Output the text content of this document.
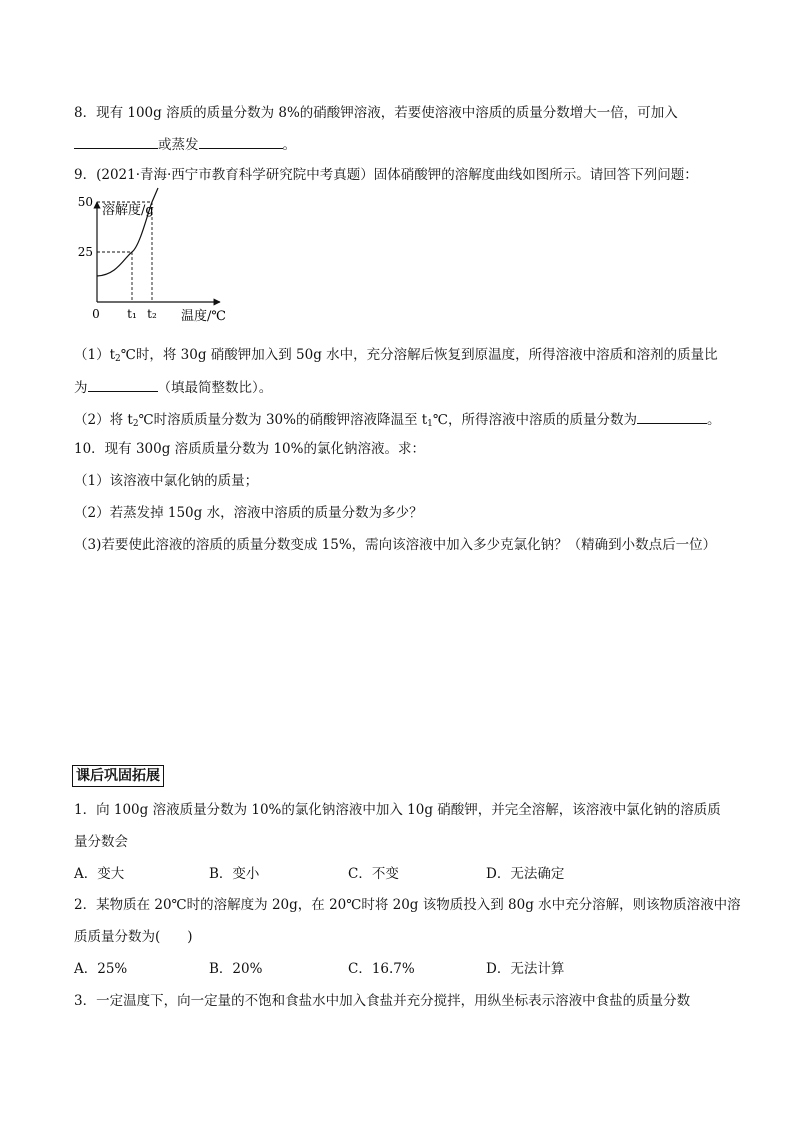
8．现有 100g 溶质的质量分数为 8%的硝酸钾溶液，若要使溶液中溶质的质量分数增大一倍，可加入
或蒸发	。
9．(2021·青海·西宁市教育科学研究院中考真题）固体硝酸钾的溶解度曲线如图所示。请回答下列问题：
25
50
t₁ t₂
溶解度/g
温度/℃
0
$(1)t_2℃$时，将 30g 硝酸钾加入到 50g 水中，充分溶解后恢复到原温度，所得溶液中溶质和溶剂的质量比
为	（填最简整数比）。
（2）将 $t_2℃$时溶质质量分数为 30%的硝酸钾溶液降温至 $t_1℃$，所得溶液中溶质的质量分数为	。
10．现有 300g 溶质质量分数为 10%的氯化钠溶液。求：
（1）该溶液中氯化钠的质量；
（2）若蒸发掉 150g 水，溶液中溶质的质量分数为多少？
（3)若要使此溶液的溶质的质量分数变成 15%，需向该溶液中加入多少克氯化钠？（精确到小数点后一位）
课后巩固拓展
1．向 100g 溶液质量分数为 10%的氯化钠溶液中加入 10g 硝酸钾，并完全溶解，该溶液中氯化钠的溶质质
量分数会
A．变大	B．变小	C．不变	D．无法确定
2．某物质在 20℃时的溶解度为 20g，在 20℃时将 20g 该物质投入到 80g 水中充分溶解，则该物质溶液中溶
质质量分数为(　　)
A．25%	B．20%	C．16.7%	D．无法计算
3．一定温度下，向一定量的不饱和食盐水中加入食盐并充分搅拌，用纵坐标表示溶液中食盐的质量分数
